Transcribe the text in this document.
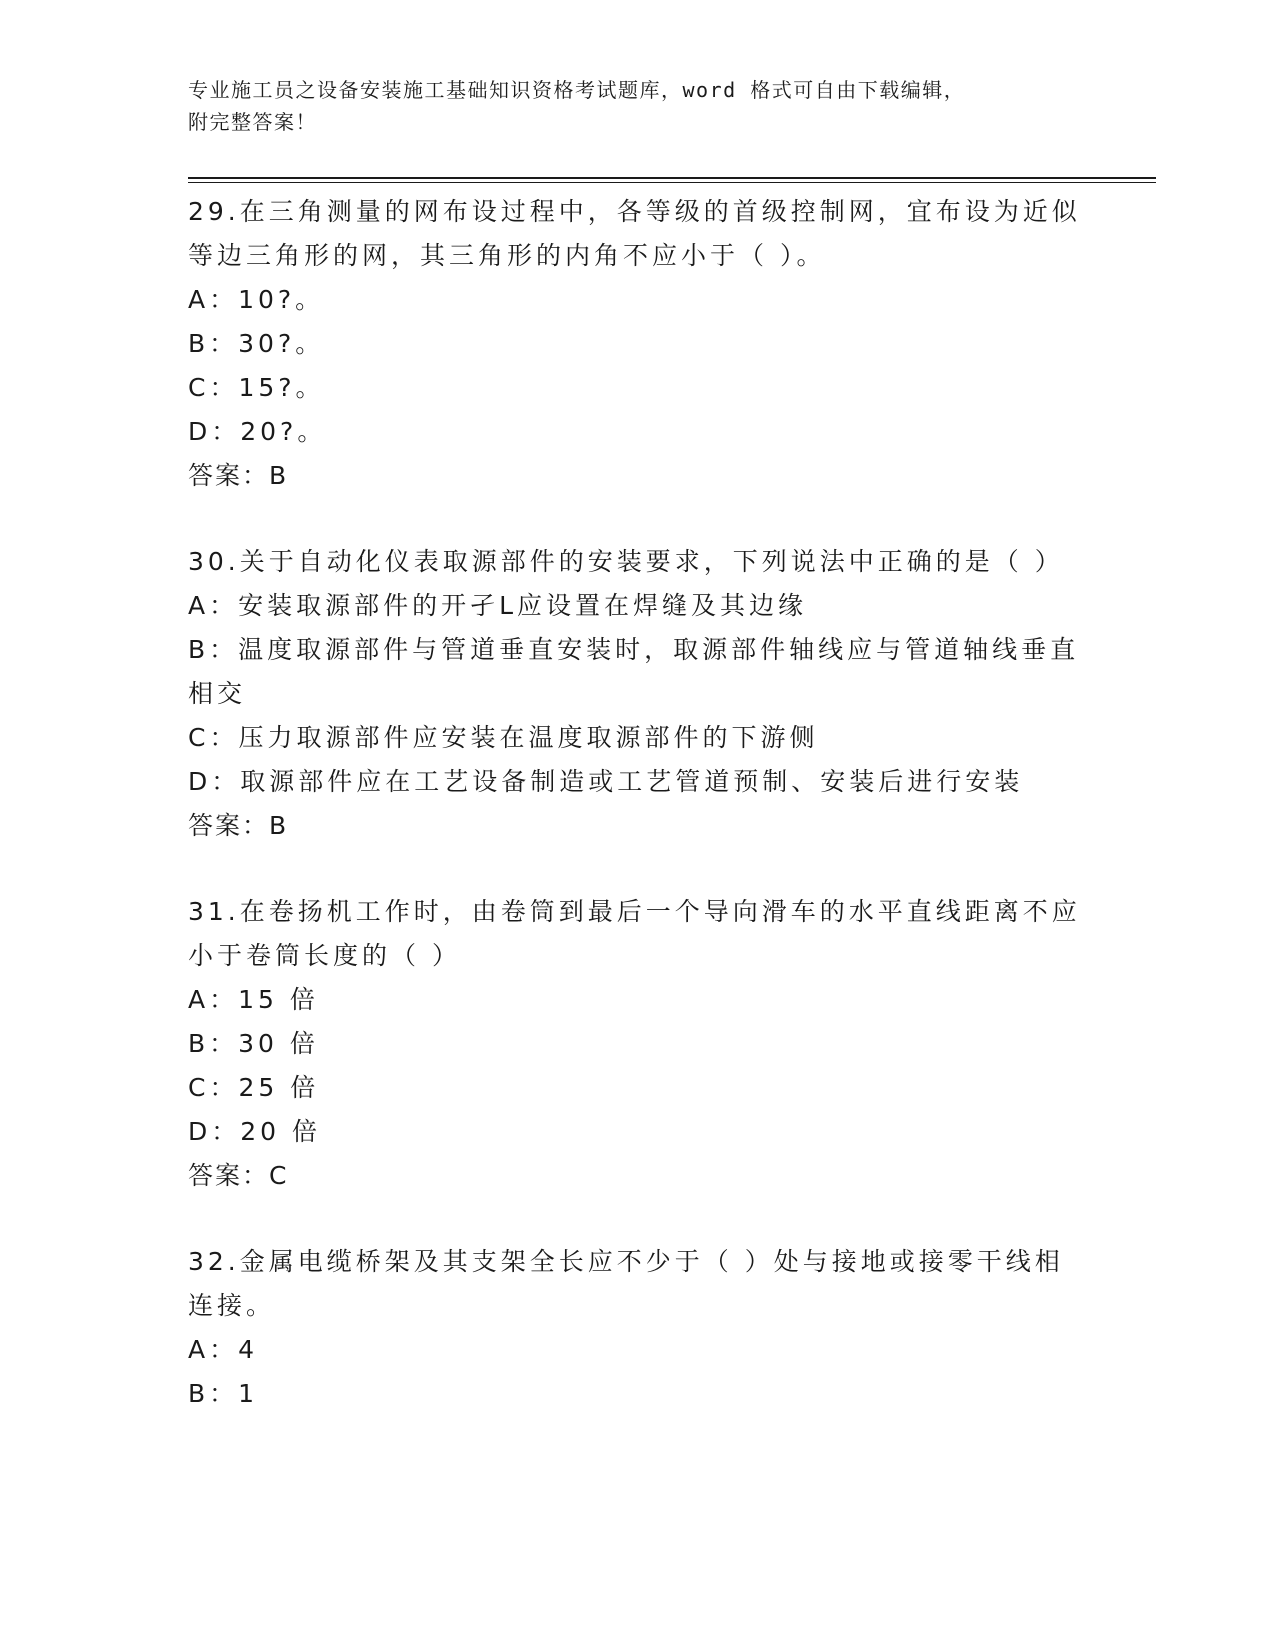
专业施工员之设备安装施工基础知识资格考试题库，word 格式可自由下载编辑，
附完整答案！
29.在三角测量的网布设过程中，各等级的首级控制网，宜布设为近似
等边三角形的网，其三角形的内角不应小于（ ）。
A：10?。
B：30?。
C：15?。
D：20?。
答案：B
30.关于自动化仪表取源部件的安装要求，下列说法中正确的是（ ）
A：安装取源部件的开孑L应设置在焊缝及其边缘
B：温度取源部件与管道垂直安装时，取源部件轴线应与管道轴线垂直
相交
C：压力取源部件应安装在温度取源部件的下游侧
D：取源部件应在工艺设备制造或工艺管道预制、安装后进行安装
答案：B
31.在卷扬机工作时，由卷筒到最后一个导向滑车的水平直线距离不应
小于卷筒长度的（ ）
A：15 倍
B：30 倍
C：25 倍
D：20 倍
答案：C
32.金属电缆桥架及其支架全长应不少于（ ）处与接地或接零干线相
连接。
A：4
B：1
